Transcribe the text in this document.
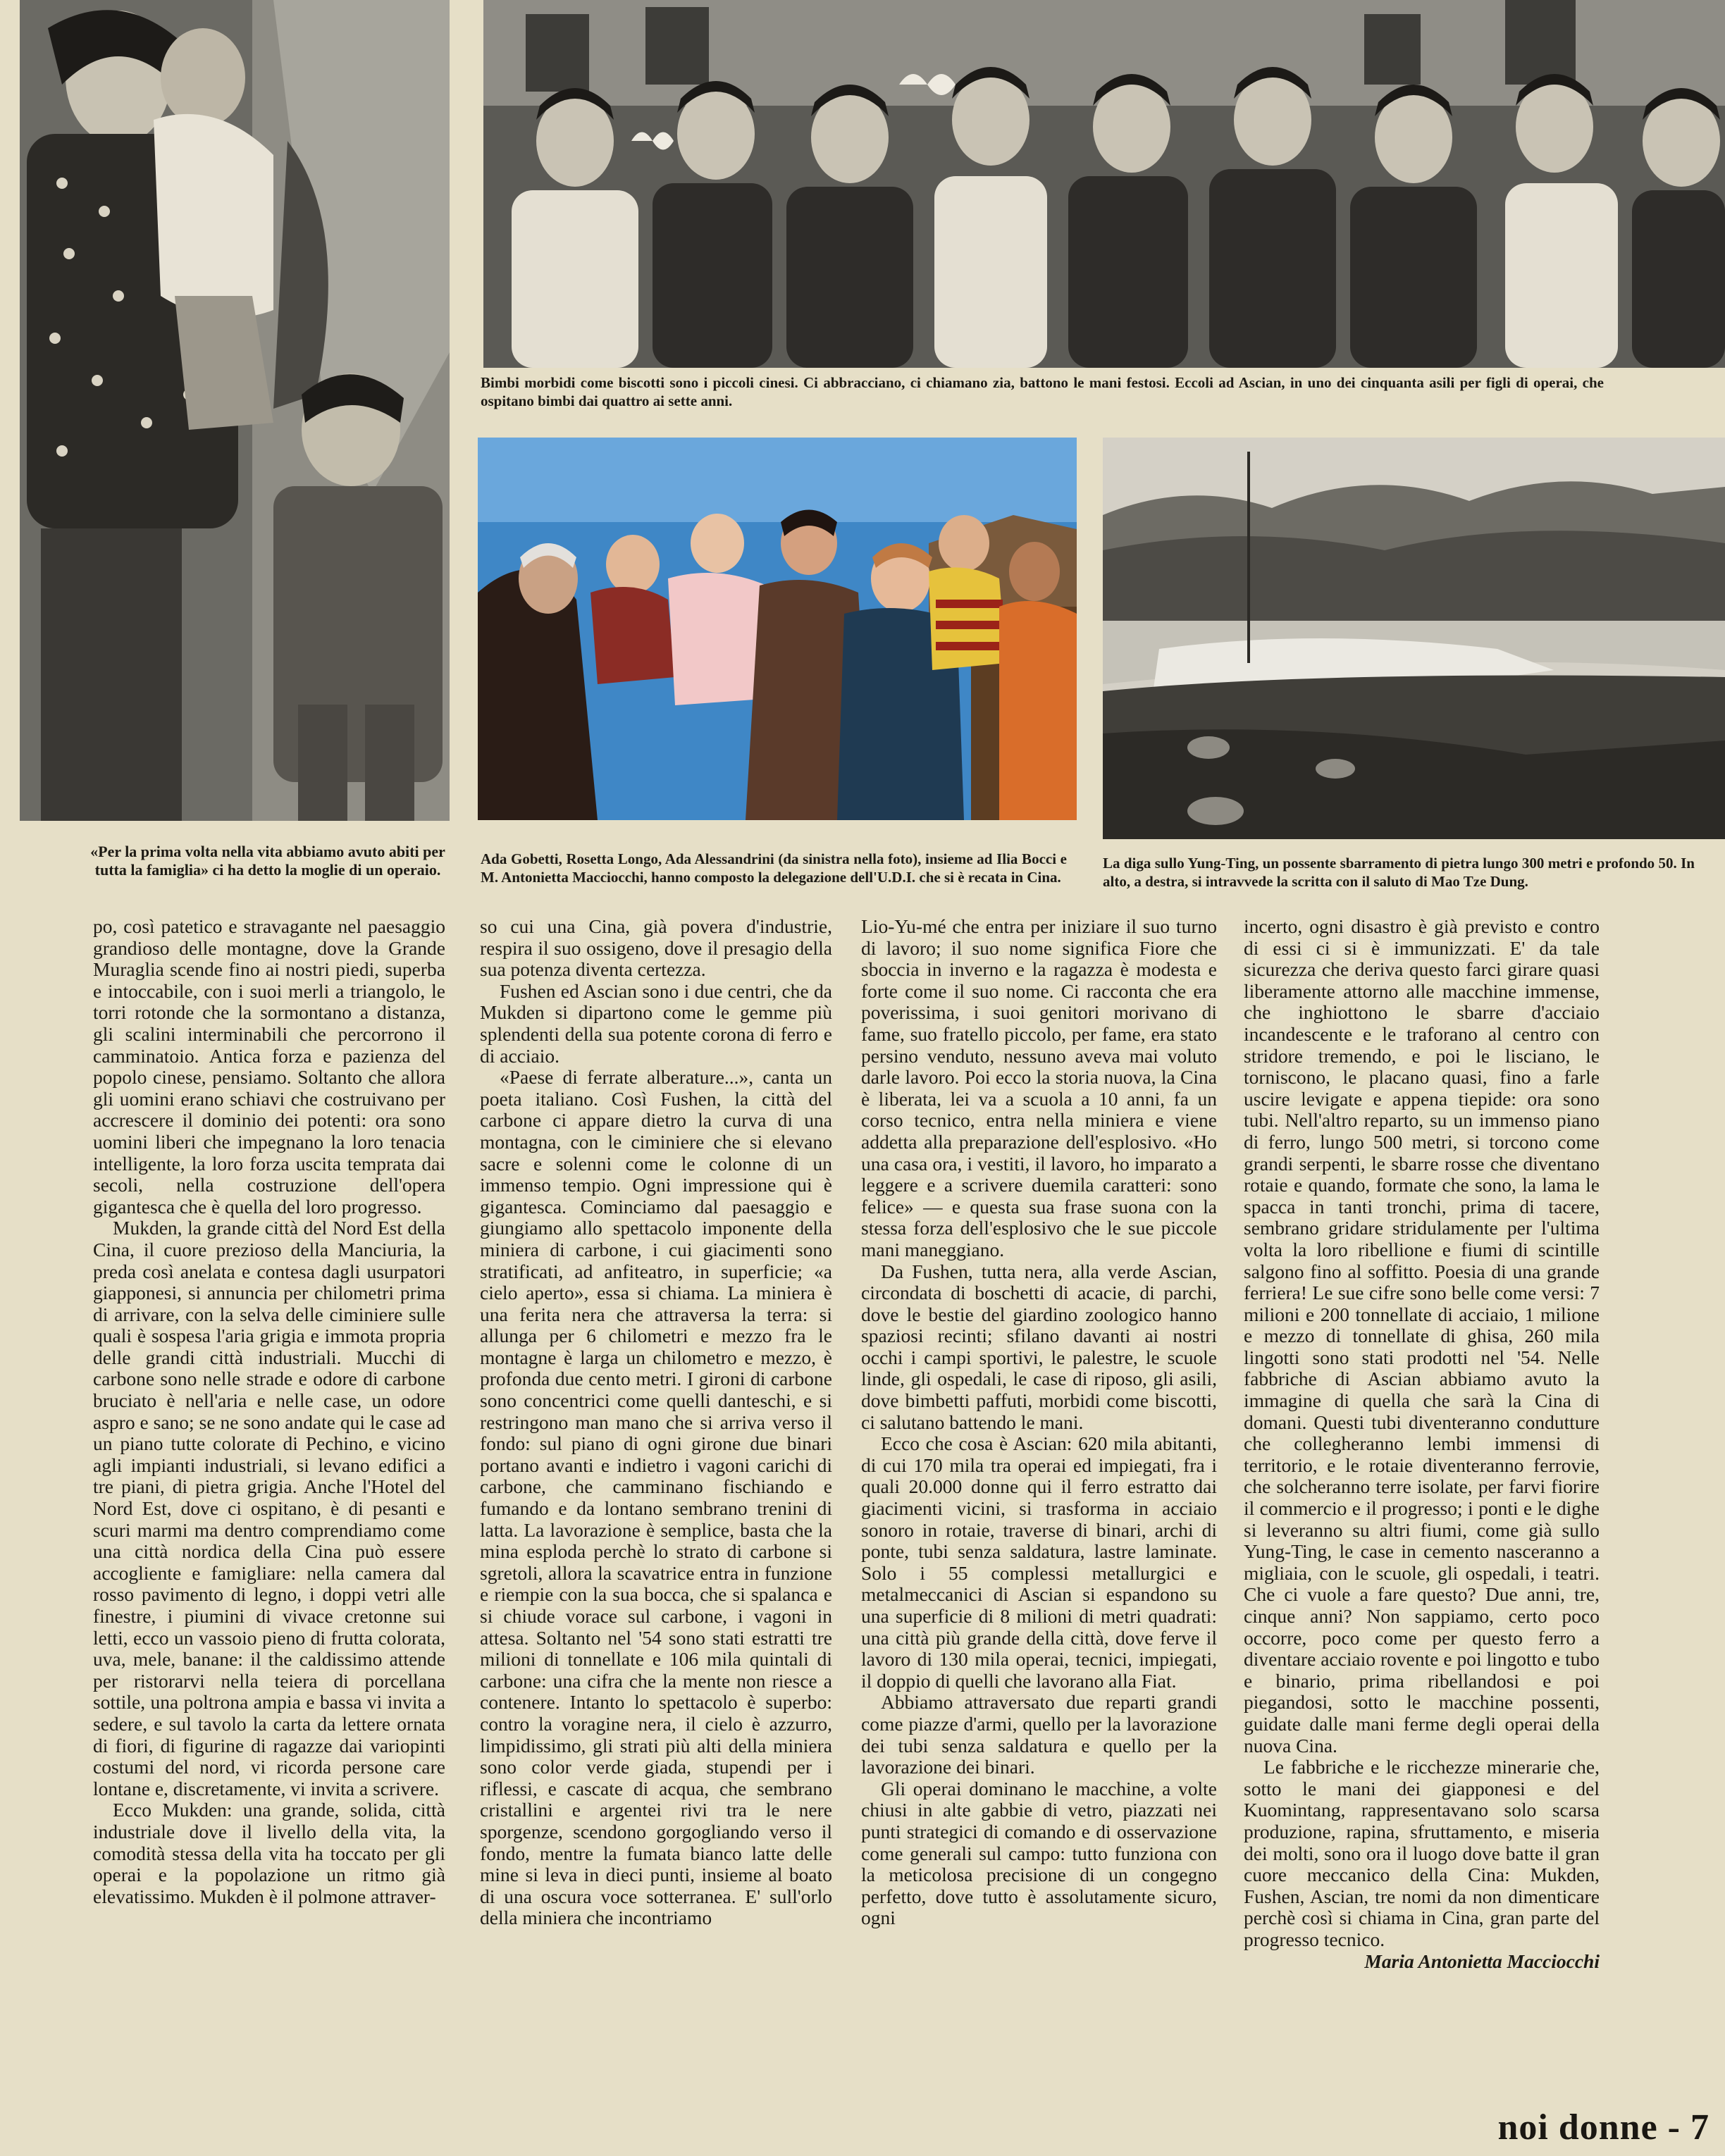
Bimbi morbidi come biscotti sono i piccoli cinesi. Ci abbracciano, ci chiamano zia, battono le mani festosi. Eccoli ad Ascian, in uno dei cinquanta asili per figli di operai, che ospitano bimbi dai quattro ai sette anni.
«Per la prima volta nella vita abbiamo avuto abiti per tutta la famiglia» ci ha detto la moglie di un operaio.
Ada Gobetti, Rosetta Longo, Ada Alessandrini (da sinistra nella foto), insieme ad Ilia Bocci e M. Antonietta Macciocchi, hanno composto la delegazione dell'U.D.I. che si è recata in Cina.
La diga sullo Yung-Ting, un possente sbarramento di pietra lungo 300 metri e profondo 50. In alto, a destra, si intravvede la scritta con il saluto di Mao Tze Dung.

po, così patetico e stravagante nel paesaggio grandioso delle montagne, dove la Grande Muraglia scende fino ai nostri piedi, superba e intoccabile, con i suoi merli a triangolo, le torri rotonde che la sormontano a distanza, gli scalini interminabili che percorrono il camminatoio. Antica forza e pazienza del popolo cinese, pensiamo. Soltanto che allora gli uomini erano schiavi che costruivano per accrescere il dominio dei potenti: ora sono uomini liberi che impegnano la loro tenacia intelligente, la loro forza uscita temprata dai secoli, nella costruzione dell'opera gigantesca che è quella del loro progresso.

Mukden, la grande città del Nord Est della Cina, il cuore prezioso della Manciuria, la preda così anelata e contesa dagli usurpatori giapponesi, si annuncia per chilometri prima di arrivare, con la selva delle ciminiere sulle quali è sospesa l'aria grigia e immota propria delle grandi città industriali. Mucchi di carbone sono nelle strade e odore di carbone bruciato è nell'aria e nelle case, un odore aspro e sano; se ne sono andate qui le case ad un piano tutte colorate di Pechino, e vicino agli impianti industriali, si levano edifici a tre piani, di pietra grigia. Anche l'Hotel del Nord Est, dove ci ospitano, è di pesanti e scuri marmi ma dentro comprendiamo come una città nordica della Cina può essere accogliente e famigliare: nella camera dal rosso pavimento di legno, i doppi vetri alle finestre, i piumini di vivace cretonne sui letti, ecco un vassoio pieno di frutta colorata, uva, mele, banane: il the caldissimo attende per ristorarvi nella teiera di porcellana sottile, una poltrona ampia e bassa vi invita a sedere, e sul tavolo la carta da lettere ornata di fiori, di figurine di ragazze dai variopinti costumi del nord, vi ricorda persone care lontane e, discretamente, vi invita a scrivere.

Ecco Mukden: una grande, solida, città industriale dove il livello della vita, la comodità stessa della vita ha toccato per gli operai e la popolazione un ritmo già elevatissimo. Mukden è il polmone attraver-

so cui una Cina, già povera d'industrie, respira il suo ossigeno, dove il presagio della sua potenza diventa certezza.

Fushen ed Ascian sono i due centri, che da Mukden si dipartono come le gemme più splendenti della sua potente corona di ferro e di acciaio.

«Paese di ferrate alberature...», canta un poeta italiano. Così Fushen, la città del carbone ci appare dietro la curva di una montagna, con le ciminiere che si elevano sacre e solenni come le colonne di un immenso tempio. Ogni impressione qui è gigantesca. Cominciamo dal paesaggio e giungiamo allo spettacolo imponente della miniera di carbone, i cui giacimenti sono stratificati, ad anfiteatro, in superficie; «a cielo aperto», essa si chiama. La miniera è una ferita nera che attraversa la terra: si allunga per 6 chilometri e mezzo fra le montagne è larga un chilometro e mezzo, è profonda due cento metri. I gironi di carbone sono concentrici come quelli danteschi, e si restringono man mano che si arriva verso il fondo: sul piano di ogni girone due binari portano avanti e indietro i vagoni carichi di carbone, che camminano fischiando e fumando e da lontano sembrano trenini di latta. La lavorazione è semplice, basta che la mina esploda perchè lo strato di carbone si sgretoli, allora la scavatrice entra in funzione e riempie con la sua bocca, che si spalanca e si chiude vorace sul carbone, i vagoni in attesa. Soltanto nel '54 sono stati estratti tre milioni di tonnellate e 106 mila quintali di carbone: una cifra che la mente non riesce a contenere. Intanto lo spettacolo è superbo: contro la voragine nera, il cielo è azzurro, limpidissimo, gli strati più alti della miniera sono color verde giada, stupendi per i riflessi, e cascate di acqua, che sembrano cristallini e argentei rivi tra le nere sporgenze, scendono gorgogliando verso il fondo, mentre la fumata bianco latte delle mine si leva in dieci punti, insieme al boato di una oscura voce sotterranea. E' sull'orlo della miniera che incontriamo

Lio-Yu-mé che entra per iniziare il suo turno di lavoro; il suo nome significa Fiore che sboccia in inverno e la ragazza è modesta e forte come il suo nome. Ci racconta che era poverissima, i suoi genitori morivano di fame, suo fratello piccolo, per fame, era stato persino venduto, nessuno aveva mai voluto darle lavoro. Poi ecco la storia nuova, la Cina è liberata, lei va a scuola a 10 anni, fa un corso tecnico, entra nella miniera e viene addetta alla preparazione dell'esplosivo. «Ho una casa ora, i vestiti, il lavoro, ho imparato a leggere e a scrivere duemila caratteri: sono felice» — e questa sua frase suona con la stessa forza dell'esplosivo che le sue piccole mani maneggiano.

Da Fushen, tutta nera, alla verde Ascian, circondata di boschetti di acacie, di parchi, dove le bestie del giardino zoologico hanno spaziosi recinti; sfilano davanti ai nostri occhi i campi sportivi, le palestre, le scuole linde, gli ospedali, le case di riposo, gli asili, dove bimbetti paffuti, morbidi come biscotti, ci salutano battendo le mani.

Ecco che cosa è Ascian: 620 mila abitanti, di cui 170 mila tra operai ed impiegati, fra i quali 20.000 donne qui il ferro estratto dai giacimenti vicini, si trasforma in acciaio sonoro in rotaie, traverse di binari, archi di ponte, tubi senza saldatura, lastre laminate. Solo i 55 complessi metallurgici e metalmeccanici di Ascian si espandono su una superficie di 8 milioni di metri quadrati: una città più grande della città, dove ferve il lavoro di 130 mila operai, tecnici, impiegati, il doppio di quelli che lavorano alla Fiat.

Abbiamo attraversato due reparti grandi come piazze d'armi, quello per la lavorazione dei tubi senza saldatura e quello per la lavorazione dei binari.

Gli operai dominano le macchine, a volte chiusi in alte gabbie di vetro, piazzati nei punti strategici di comando e di osservazione come generali sul campo: tutto funziona con la meticolosa precisione di un congegno perfetto, dove tutto è assolutamente sicuro, ogni

incerto, ogni disastro è già previsto e contro di essi ci si è immunizzati. E' da tale sicurezza che deriva questo farci girare quasi liberamente attorno alle macchine immense, che inghiottono le sbarre d'acciaio incandescente e le traforano al centro con stridore tremendo, e poi le lisciano, le torniscono, le placano quasi, fino a farle uscire levigate e appena tiepide: ora sono tubi. Nell'altro reparto, su un immenso piano di ferro, lungo 500 metri, si torcono come grandi serpenti, le sbarre rosse che diventano rotaie e quando, formate che sono, la lama le spacca in tanti tronchi, prima di tacere, sembrano gridare stridulamente per l'ultima volta la loro ribellione e fiumi di scintille salgono fino al soffitto. Poesia di una grande ferriera! Le sue cifre sono belle come versi: 7 milioni e 200 tonnellate di acciaio, 1 milione e mezzo di tonnellate di ghisa, 260 mila lingotti sono stati prodotti nel '54. Nelle fabbriche di Ascian abbiamo avuto la immagine di quella che sarà la Cina di domani. Questi tubi diventeranno condutture che collegheranno lembi immensi di territorio, e le rotaie diventeranno ferrovie, che solcheranno terre isolate, per farvi fiorire il commercio e il progresso; i ponti e le dighe si leveranno su altri fiumi, come già sullo Yung-Ting, le case in cemento nasceranno a migliaia, con le scuole, gli ospedali, i teatri. Che ci vuole a fare questo? Due anni, tre, cinque anni? Non sappiamo, certo poco occorre, poco come per questo ferro a diventare acciaio rovente e poi lingotto e tubo e binario, prima ribellandosi e poi piegandosi, sotto le macchine possenti, guidate dalle mani ferme degli operai della nuova Cina.

Le fabbriche e le ricchezze minerarie che, sotto le mani dei giapponesi e del Kuomintang, rappresentavano solo scarsa produzione, rapina, sfruttamento, e miseria dei molti, sono ora il luogo dove batte il gran cuore meccanico della Cina: Mukden, Fushen, Ascian, tre nomi da non dimenticare perchè così si chiama in Cina, gran parte del progresso tecnico.

Maria Antonietta Macciocchi

noi donne - 7
